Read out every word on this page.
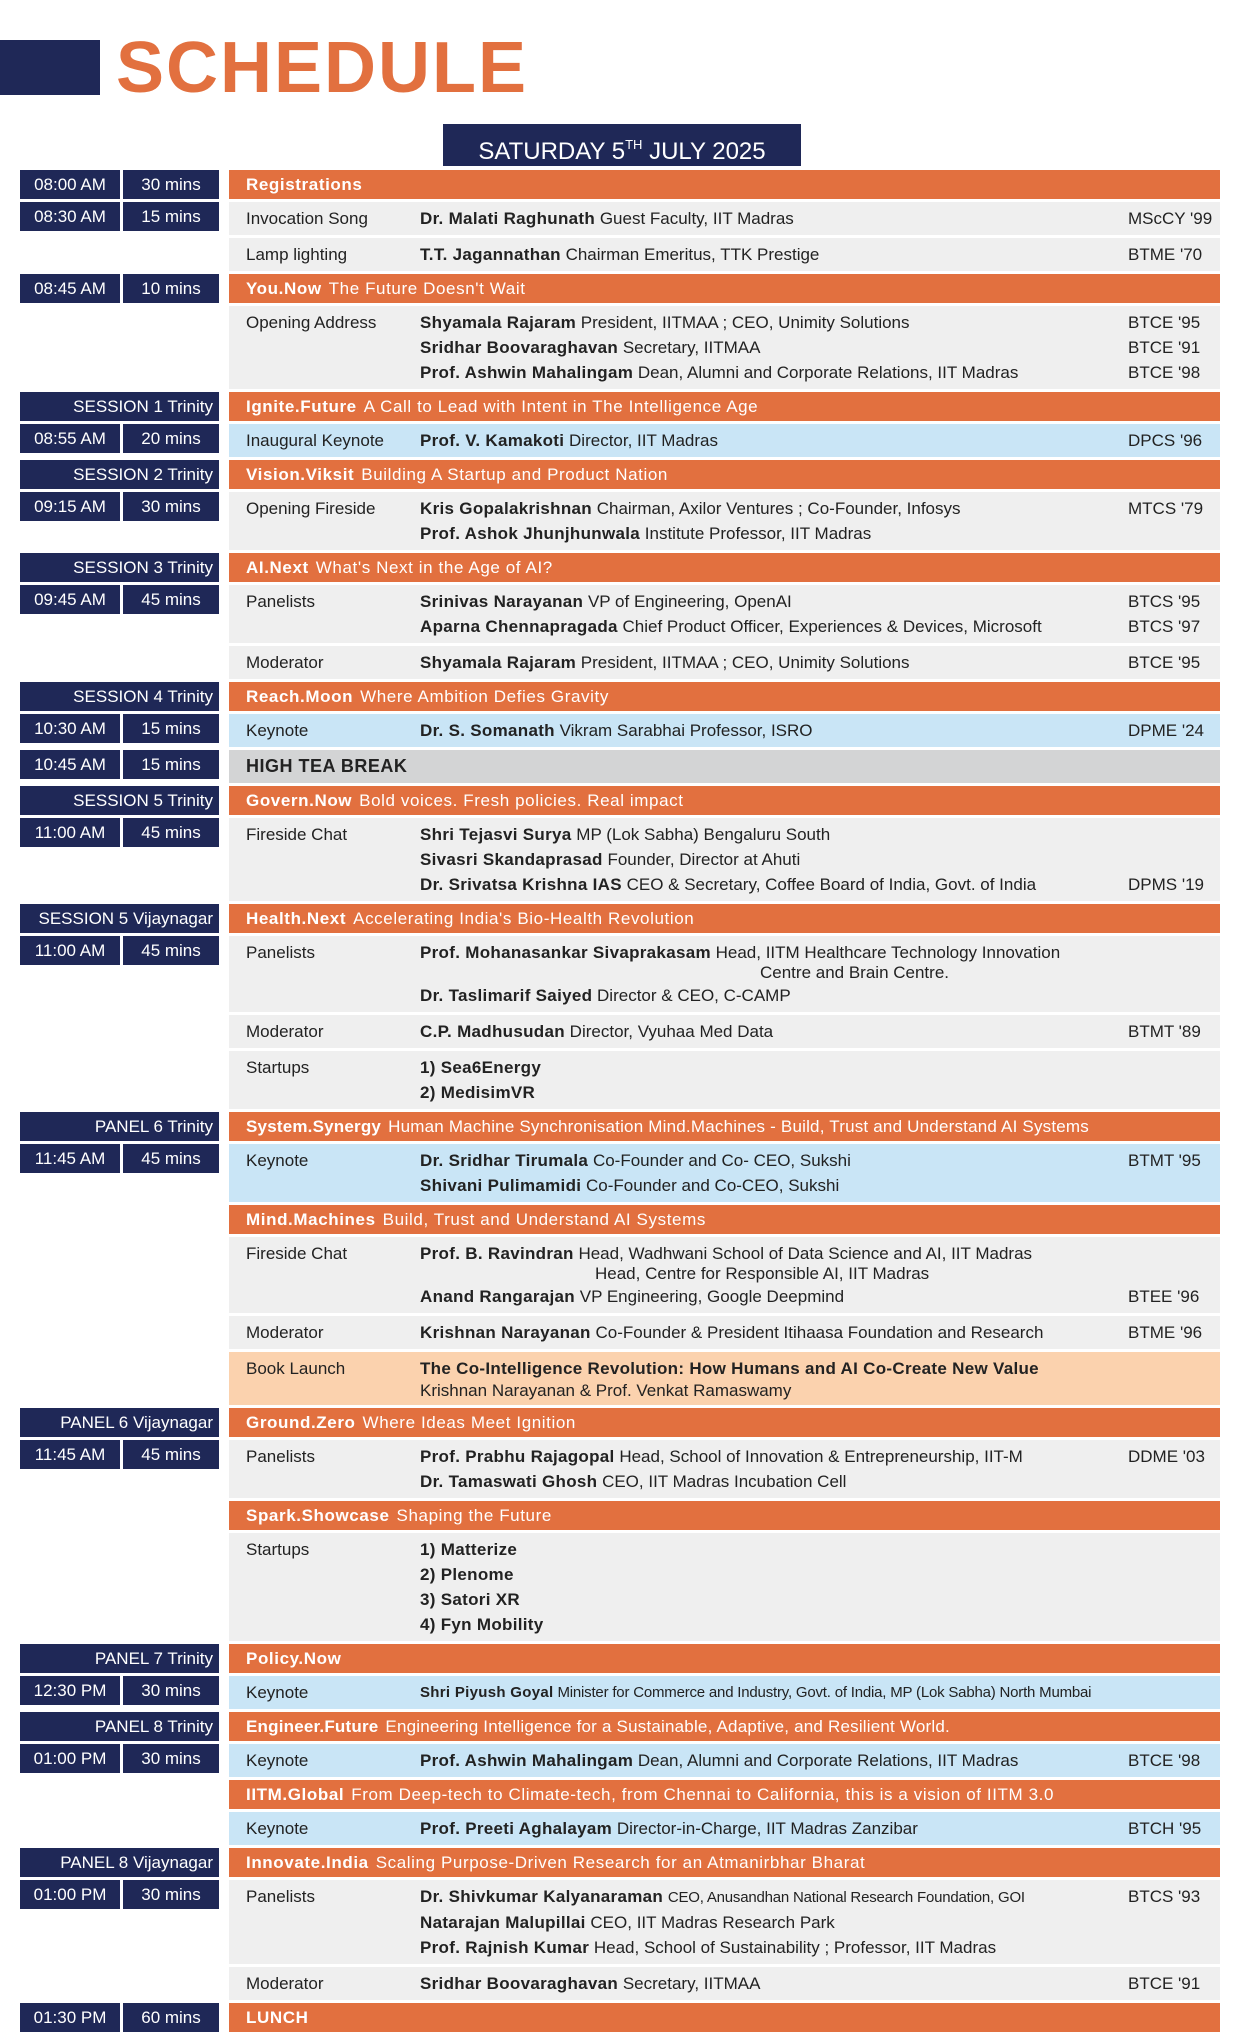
SCHEDULE
SATURDAY 5TH JULY 2025
08:00 AM	30 mins	Registrations
08:30 AM	15 mins	Invocation Song	Dr. Malati Raghunath Guest Faculty, IIT Madras	MScCY '99
Lamp lighting	T.T. Jagannathan Chairman Emeritus, TTK Prestige	BTME '70
08:45 AM	10 mins	You.Now The Future Doesn't Wait
Opening Address	Shyamala Rajaram President, IITMAA ; CEO, Unimity Solutions	BTCE '95
Sridhar Boovaraghavan Secretary, IITMAA	BTCE '91
Prof. Ashwin Mahalingam Dean, Alumni and Corporate Relations, IIT Madras	BTCE '98
SESSION 1 Trinity	Ignite.Future A Call to Lead with Intent in The Intelligence Age
08:55 AM	20 mins	Inaugural Keynote	Prof. V. Kamakoti Director, IIT Madras	DPCS '96
SESSION 2 Trinity	Vision.Viksit Building A Startup and Product Nation
09:15 AM	30 mins	Opening Fireside	Kris Gopalakrishnan Chairman, Axilor Ventures ; Co-Founder, Infosys	MTCS '79
Prof. Ashok Jhunjhunwala Institute Professor, IIT Madras
SESSION 3 Trinity	AI.Next What's Next in the Age of AI?
09:45 AM	45 mins	Panelists	Srinivas Narayanan VP of Engineering, OpenAI	BTCS '95
Aparna Chennapragada Chief Product Officer, Experiences & Devices, Microsoft	BTCS '97
Moderator	Shyamala Rajaram President, IITMAA ; CEO, Unimity Solutions	BTCE '95
SESSION 4 Trinity	Reach.Moon Where Ambition Defies Gravity
10:30 AM	15 mins	Keynote	Dr. S. Somanath Vikram Sarabhai Professor, ISRO	DPME '24
10:45 AM	15 mins	HIGH TEA BREAK
SESSION 5 Trinity	Govern.Now Bold voices. Fresh policies. Real impact
11:00 AM	45 mins	Fireside Chat	Shri Tejasvi Surya MP (Lok Sabha) Bengaluru South
Sivasri Skandaprasad Founder, Director at Ahuti
Dr. Srivatsa Krishna IAS CEO & Secretary, Coffee Board of India, Govt. of India	DPMS '19
SESSION 5 Vijaynagar	Health.Next Accelerating India's Bio-Health Revolution
11:00 AM	45 mins	Panelists	Prof. Mohanasankar Sivaprakasam Head, IITM Healthcare Technology Innovation
Centre and Brain Centre.
Dr. Taslimarif Saiyed Director & CEO, C-CAMP
Moderator	C.P. Madhusudan Director, Vyuhaa Med Data	BTMT '89
Startups	1) Sea6Energy
2) MedisimVR
PANEL 6 Trinity	System.Synergy Human Machine Synchronisation Mind.Machines - Build, Trust and Understand AI Systems
11:45 AM	45 mins	Keynote	Dr. Sridhar Tirumala Co-Founder and Co- CEO, Sukshi	BTMT '95
Shivani Pulimamidi Co-Founder and Co-CEO, Sukshi
Mind.Machines Build, Trust and Understand AI Systems
Fireside Chat	Prof. B. Ravindran Head, Wadhwani School of Data Science and AI, IIT Madras
Head, Centre for Responsible AI, IIT Madras
Anand Rangarajan VP Engineering, Google Deepmind	BTEE '96
Moderator	Krishnan Narayanan Co-Founder & President Itihaasa Foundation and Research	BTME '96
Book Launch	The Co-Intelligence Revolution: How Humans and AI Co-Create New Value
Krishnan Narayanan & Prof. Venkat Ramaswamy
PANEL 6 Vijaynagar	Ground.Zero Where Ideas Meet Ignition
11:45 AM	45 mins	Panelists	Prof. Prabhu Rajagopal Head, School of Innovation & Entrepreneurship, IIT-M	DDME '03
Dr. Tamaswati Ghosh CEO, IIT Madras Incubation Cell
Spark.Showcase Shaping the Future
Startups	1) Matterize
2) Plenome
3) Satori XR
4) Fyn Mobility
PANEL 7 Trinity	Policy.Now
12:30 PM	30 mins	Keynote	Shri Piyush Goyal Minister for Commerce and Industry, Govt. of India, MP (Lok Sabha) North Mumbai
PANEL 8 Trinity	Engineer.Future Engineering Intelligence for a Sustainable, Adaptive, and Resilient World.
01:00 PM	30 mins	Keynote	Prof. Ashwin Mahalingam Dean, Alumni and Corporate Relations, IIT Madras	BTCE '98
IITM.Global From Deep-tech to Climate-tech, from Chennai to California, this is a vision of IITM 3.0
Keynote	Prof. Preeti Aghalayam Director-in-Charge, IIT Madras Zanzibar	BTCH '95
PANEL 8 Vijaynagar	Innovate.India Scaling Purpose-Driven Research for an Atmanirbhar Bharat
01:00 PM	30 mins	Panelists	Dr. Shivkumar Kalyanaraman CEO, Anusandhan National Research Foundation, GOI	BTCS '93
Natarajan Malupillai CEO, IIT Madras Research Park
Prof. Rajnish Kumar Head, School of Sustainability ; Professor, IIT Madras
Moderator	Sridhar Boovaraghavan Secretary, IITMAA	BTCE '91
01:30 PM	60 mins	LUNCH
